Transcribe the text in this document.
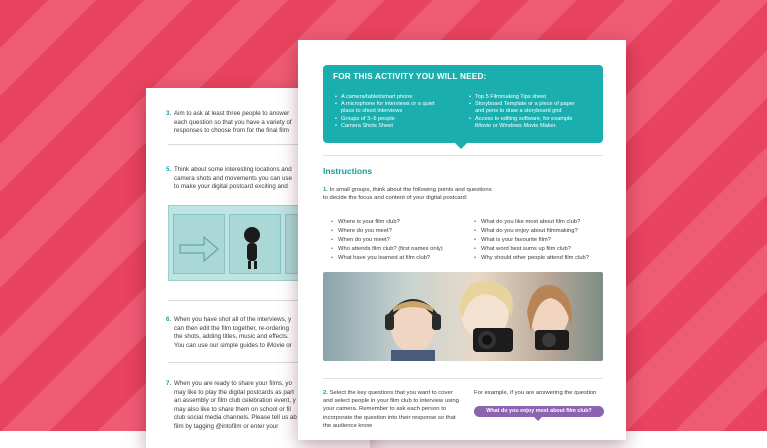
3. Aim to ask at least three people to answer
each question so that you have a variety of
responses to choose from for the final film
5. Think about some interesting locations and
camera shots and movements you can use
to make your digital postcard exciting and
6. When you have shot all of the interviews, y
can then edit the film together, re-ordering
the shots, adding titles, music and effects.
You can use our simple guides to iMovie or
7. When you are ready to share your films, yo
may like to play the digital postcards as part
an assembly or film club celebration event, y
may also like to share them on school or fil
club social media channels. Please tell us ab
film by tagging @intofilm or enter your
FOR THIS ACTIVITY YOU WILL NEED:
• A camera/tablet/smart phone
• A microphone for interviews or a quiet
place to shoot interviews
• Groups of 3–5 people
• Camera Shots Sheet
• Top 5 Filmmaking Tips sheet
• Storyboard Template or a piece of paper
and pens to draw a storyboard grid
• Access to editing software, for example
iMovie or Windows Movie Maker.
Instructions
1. In small groups, think about the following points and questions to decide the focus and content of your digital postcard:
• Where is your film club?
• Where do you meet?
• When do you meet?
• Who attends film club? (first names only)
• What have you learned at film club?
• What do you like most about film club?
• What do you enjoy about filmmaking?
• What is your favourite film?
• What word best sums up film club?
• Why should other people attend film club?
2. Select the key questions that you want to cover and select people in your film club to interview using your camera. Remember to ask each person to incorporate the question into their response so that the audience know
For example, if you are answering the question
What do you enjoy most about film club?
